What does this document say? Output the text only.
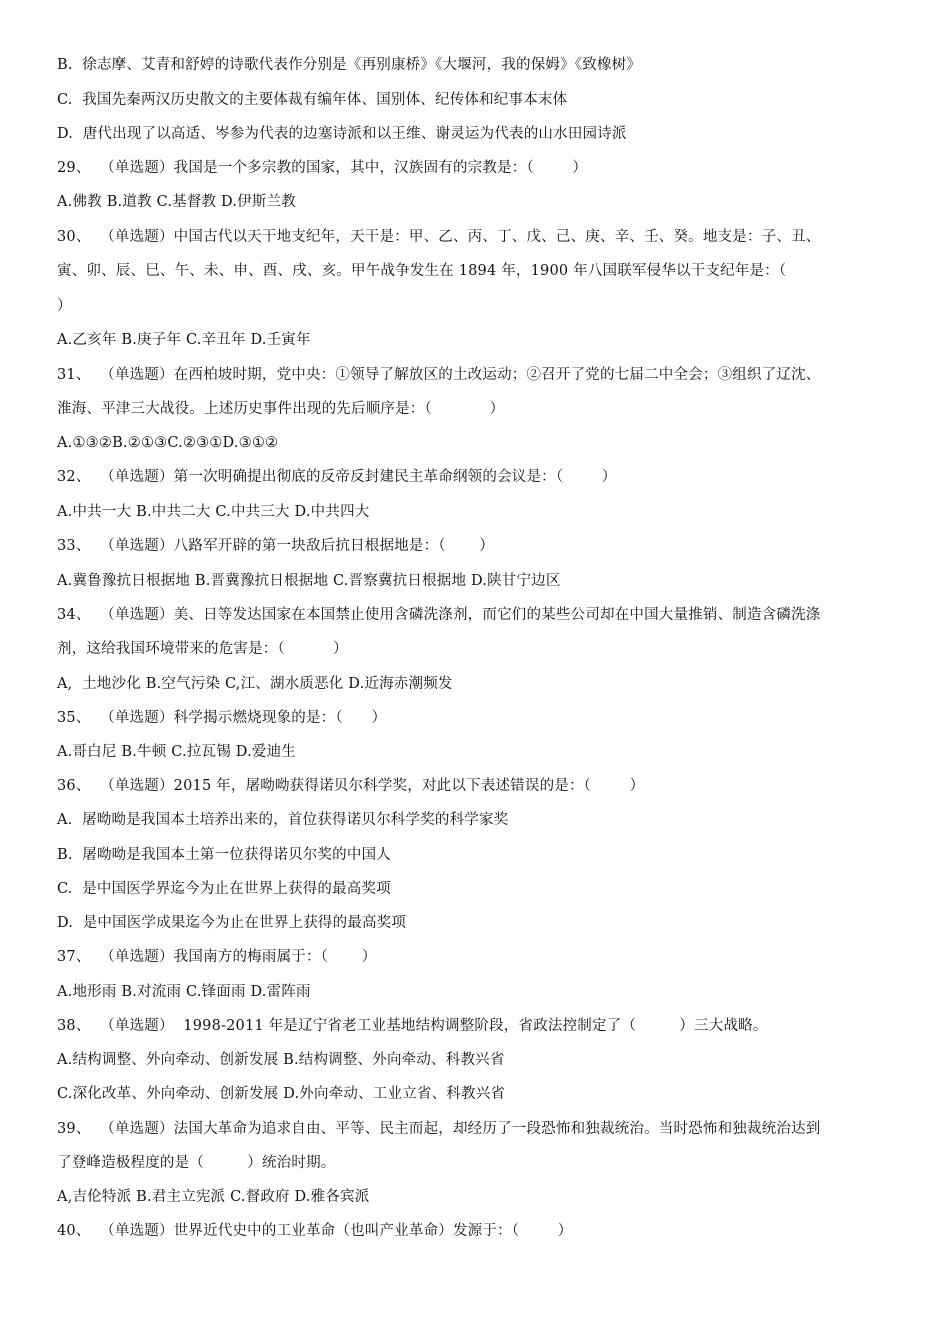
B.  徐志摩、艾青和舒婷的诗歌代表作分别是《再别康桥》《大堰河，我的保姆》《致橡树》
C.  我国先秦两汉历史散文的主要体裁有编年体、国别体、纪传体和纪事本末体
D.  唐代出现了以高适、岑参为代表的边塞诗派和以王维、谢灵运为代表的山水田园诗派
29、  （单选题）我国是一个多宗教的国家，其中，汉族固有的宗教是：（        ）
A.佛教 B.道教 C.基督教 D.伊斯兰教
30、  （单选题）中国古代以天干地支纪年，天干是：甲、乙、丙、丁、戊、己、庚、辛、壬、癸。地支是：子、丑、
寅、卯、辰、巳、午、未、申、酉、戌、亥。甲午战争发生在 1894 年，1900 年八国联军侵华以干支纪年是：（
）
A.乙亥年 B.庚子年 C.辛丑年 D.壬寅年
31、  （单选题）在西柏坡时期，党中央：①领导了解放区的土改运动；②召开了党的七届二中全会；③组织了辽沈、
淮海、平津三大战役。上述历史事件出现的先后顺序是：（            ）
A.①③②B.②①③C.②③①D.③①②
32、  （单选题）第一次明确提出彻底的反帝反封建民主革命纲领的会议是：（        ）
A.中共一大 B.中共二大 C.中共三大 D.中共四大
33、  （单选题）八路军开辟的第一块敌后抗日根据地是：（       ）
A.冀鲁豫抗日根据地 B.晋冀豫抗日根据地 C.晋察冀抗日根据地 D.陕甘宁边区
34、  （单选题）美、日等发达国家在本国禁止使用含磷洗涤剂，而它们的某些公司却在中国大量推销、制造含磷洗涤
剂，这给我国环境带来的危害是：（          ）
A,  土地沙化 B.空气污染 C,江、湖水质恶化 D.近海赤潮频发
35、  （单选题）科学揭示燃烧现象的是：（      ）
A.哥白尼 B.牛顿 C.拉瓦锡 D.爱迪生
36、  （单选题）2015 年，屠呦呦获得诺贝尔科学奖，对此以下表述错误的是：（        ）
A.  屠呦呦是我国本土培养出来的，首位获得诺贝尔科学奖的科学家奖
B.  屠呦呦是我国本土第一位获得诺贝尔奖的中国人
C.  是中国医学界迄今为止在世界上获得的最高奖项
D.  是中国医学成果迄今为止在世界上获得的最高奖项
37、  （单选题）我国南方的梅雨属于：（       ）
A.地形雨 B.对流雨 C.锋面雨 D.雷阵雨
38、  （单选题）  1998-2011 年是辽宁省老工业基地结构调整阶段，省政法控制定了（         ）三大战略。
A.结构调整、外向牵动、创新发展 B.结构调整、外向牵动、科教兴省
C.深化改革、外向牵动、创新发展 D.外向牵动、工业立省、科教兴省
39、  （单选题）法国大革命为追求自由、平等、民主而起，却经历了一段恐怖和独裁统治。当时恐怖和独裁统治达到
了登峰造极程度的是（         ）统治时期。
A,吉伦特派 B.君主立宪派 C.督政府 D.雅各宾派
40、  （单选题）世界近代史中的工业革命（也叫产业革命）发源于：（        ）
